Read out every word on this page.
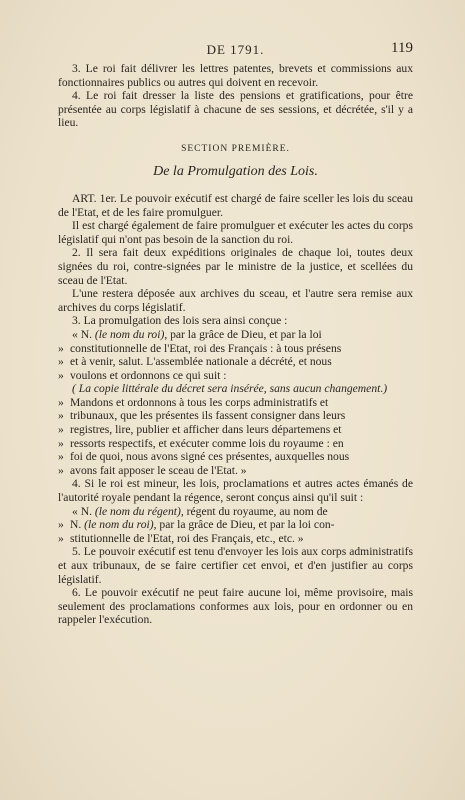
DE 1791.	119

3. Le roi fait délivrer les lettres patentes, brevets et commissions aux fonctionnaires publics ou autres qui doivent en recevoir.

4. Le roi fait dresser la liste des pensions et gratifications, pour être présentée au corps législatif à chacune de ses sessions, et décrétée, s'il y a lieu.

SECTION PREMIÈRE.
De la Promulgation des Lois.

ART. 1er. Le pouvoir exécutif est chargé de faire sceller les lois du sceau de l'Etat, et de les faire promulguer.

Il est chargé également de faire promulguer et exécuter les actes du corps législatif qui n'ont pas besoin de la sanction du roi.

2. Il sera fait deux expéditions originales de chaque loi, toutes deux signées du roi, contre-signées par le ministre de la justice, et scellées du sceau de l'Etat.

L'une restera déposée aux archives du sceau, et l'autre sera remise aux archives du corps législatif.

3. La promulgation des lois sera ainsi conçue :

« N. (le nom du roi), par la grâce de Dieu, et par la loi

» constitutionnelle de l'Etat, roi des Français : à tous présens

» et à venir, salut. L'assemblée nationale a décrété, et nous

» voulons et ordonnons ce qui suit :

( La copie littérale du décret sera insérée, sans aucun changement.)

» Mandons et ordonnons à tous les corps administratifs et

» tribunaux, que les présentes ils fassent consigner dans leurs

» registres, lire, publier et afficher dans leurs départemens et

» ressorts respectifs, et exécuter comme lois du royaume : en

» foi de quoi, nous avons signé ces présentes, auxquelles nous

» avons fait apposer le sceau de l'Etat. »

4. Si le roi est mineur, les lois, proclamations et autres actes émanés de l'autorité royale pendant la régence, seront conçus ainsi qu'il suit :

« N. (le nom du régent), régent du royaume, au nom de

» N. (le nom du roi), par la grâce de Dieu, et par la loi con-

» stitutionnelle de l'Etat, roi des Français, etc., etc. »

5. Le pouvoir exécutif est tenu d'envoyer les lois aux corps administratifs et aux tribunaux, de se faire certifier cet envoi, et d'en justifier au corps législatif.

6. Le pouvoir exécutif ne peut faire aucune loi, même provisoire, mais seulement des proclamations conformes aux lois, pour en ordonner ou en rappeler l'exécution.
